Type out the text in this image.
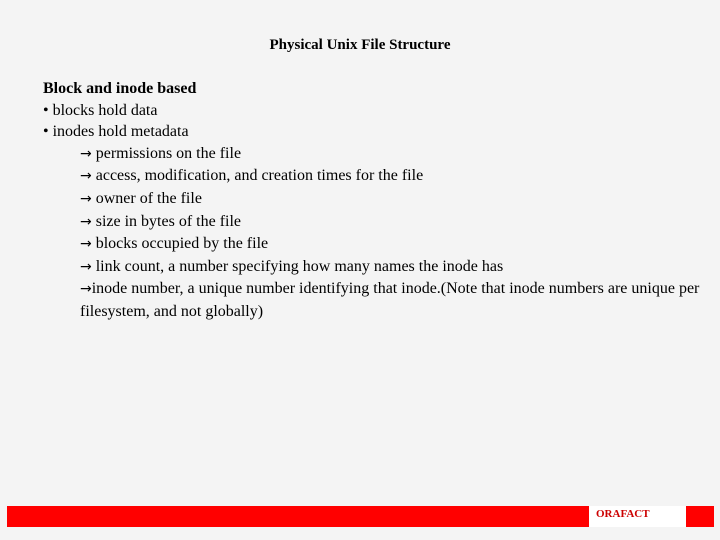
Physical Unix File Structure
Block and inode based
• blocks hold data
• inodes hold metadata
→ permissions on the file
→ access, modification, and creation times for the file
→ owner of the file
→ size in bytes of the file
→ blocks occupied by the file
→ link count, a number specifying how many names the inode has
→inode number, a unique number identifying that inode.(Note that inode numbers are unique per filesystem, and not globally)
ORAFACT
